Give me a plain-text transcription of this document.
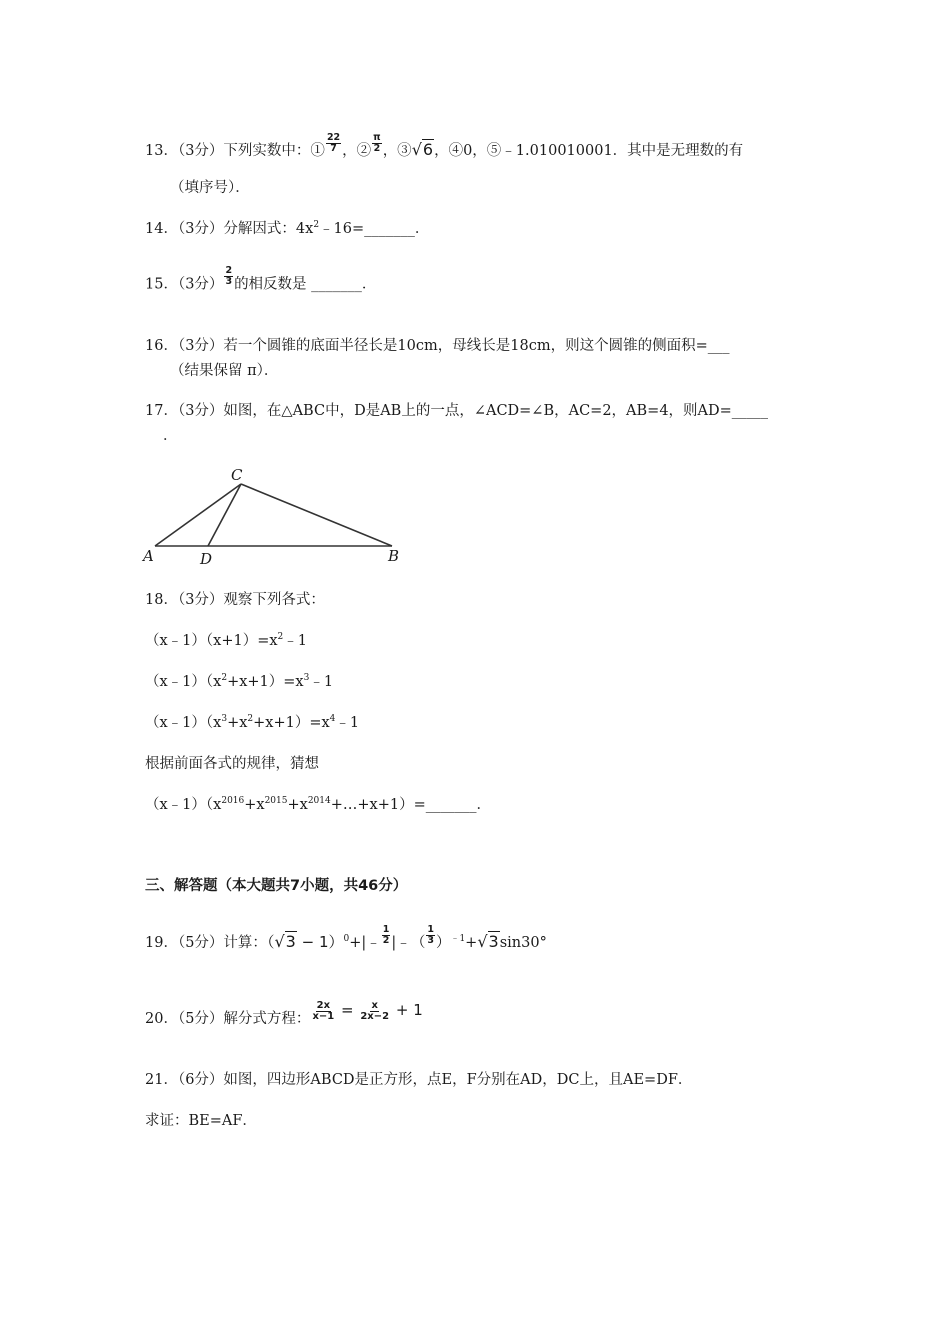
13．（3分）下列实数中：① $\frac{22}{7}$ ，② $\frac{\pi}{2}$ ，③√6，④0，⑤﹣1.010010001．其中是无理数的有
（填序号）．
14．（3分）分解因式：$4x^2﹣16=\_\_\_\_\_\_\_$．
15．（3分） $\frac{2}{3}$ 的相反数是 _______．
16．（3分）若一个圆锥的底面半径长是10cm，母线长是18cm，则这个圆锥的侧面积=___
（结果保留 π）．
17．（3分）如图，在△ABC中，D是AB上的一点，∠ACD=∠B，AC=2，AB=4，则AD=_____
．
C
A	D	B
18．（3分）观察下列各式：
$(x﹣1)(x+1)=x^2﹣1$
$(x﹣1)(x^2+x+1)=x^3﹣1$
$(x﹣1)(x^3+x^2+x+1)=x^4﹣1$
根据前面各式的规律，猜想
$(x﹣1)(x^{2016}+x^{2015}+x^{2014}+\dots+x+1)=\_\_\_\_\_\_\_$．
三、解答题（本大题共7小题，共46分）
19．（5分）计算：$(√3 - 1)^0+|﹣ \frac{1}{2}$ |﹣（ $\frac{1}{3} )^{﹣1}+√3\sin 30^\circ$
20．（5分）解分式方程： $\frac{2x}{x-1} = \frac{x}{2x-2} + 1$
21．（6分）如图，四边形ABCD是正方形，点E，F分别在AD，DC上，且AE=DF．
求证：BE=AF．
